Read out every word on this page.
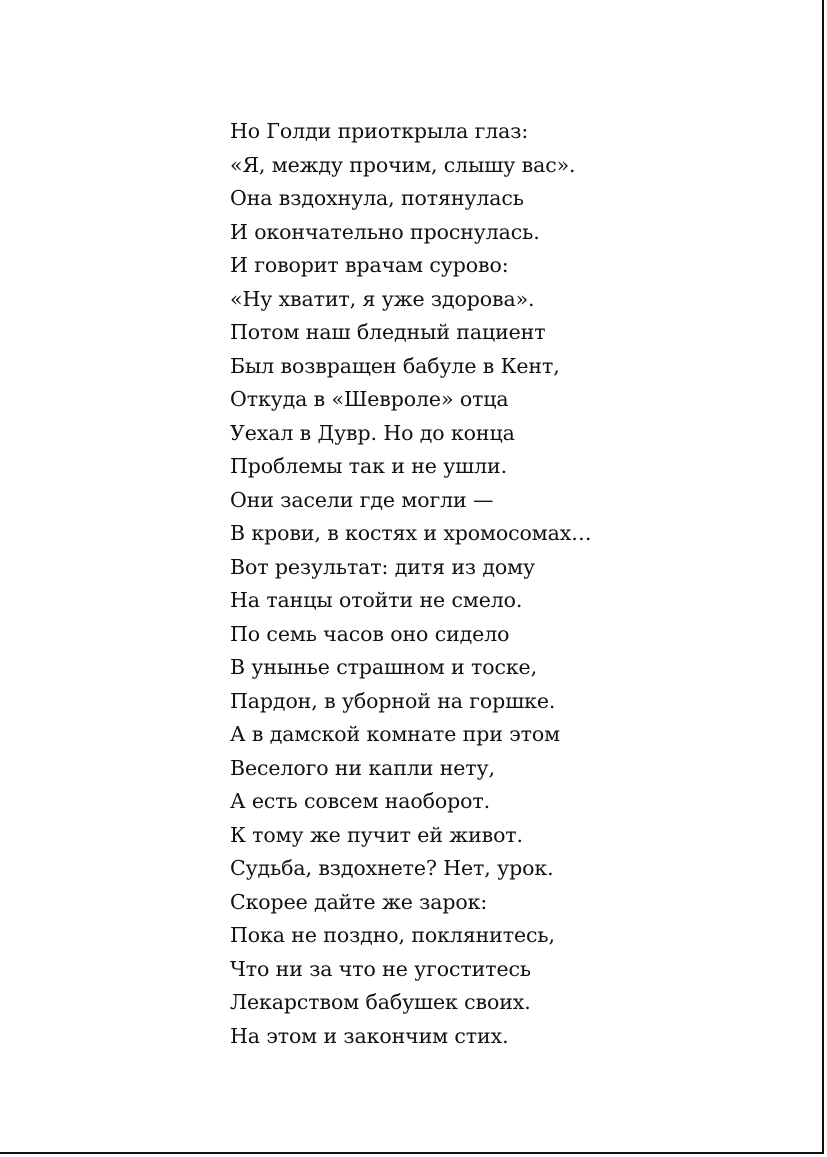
Но Голди приоткрыла глаз:
«Я, между прочим, слышу вас».
Она вздохнула, потянулась
И окончательно проснулась.
И говорит врачам сурово:
«Ну хватит, я уже здорова».
Потом наш бледный пациент
Был возвращен бабуле в Кент,
Откуда в «Шевроле» отца
Уехал в Дувр. Но до конца
Проблемы так и не ушли.
Они засели где могли —
В крови, в костях и хромосомах…
Вот результат: дитя из дому
На танцы отойти не смело.
По семь часов оно сидело
В унынье страшном и тоске,
Пардон, в уборной на горшке.
А в дамской комнате при этом
Веселого ни капли нету,
А есть совсем наоборот.
К тому же пучит ей живот.
Судьба, вздохнете? Нет, урок.
Скорее дайте же зарок:
Пока не поздно, поклянитесь,
Что ни за что не угоститесь
Лекарством бабушек своих.
На этом и закончим стих.
